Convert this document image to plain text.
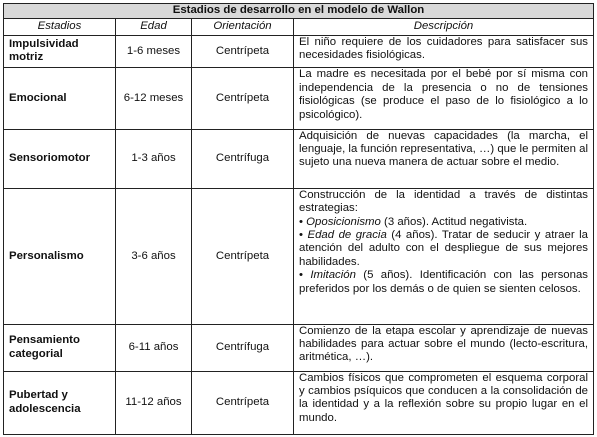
Estadios de desarrollo en el modelo de Wallon			
Estadios	Edad	Orientación	Descripción

Impulsividad motriz	1-6 meses	Centrípeta	El niño requiere de los cuidadores para satisfacer sus necesidades fisiológicas.

Emocional	6-12 meses	Centrípeta	La madre es necesitada por el bebé por sí misma con independencia de la presencia o no de tensiones fisiológicas (se produce el paso de lo fisiológico a lo psicológico).

Sensoriomotor	1-3 años	Centrífuga	Adquisición de nuevas capacidades (la marcha, el lenguaje, la función representativa, …) que le permiten al sujeto una nueva manera de actuar sobre el medio.

Personalismo	3-6 años	Centrípeta	Construcción de la identidad a través de distintas estrategias:
• Oposicionismo (3 años). Actitud negativista.
• Edad de gracia (4 años). Tratar de seducir y atraer la atención del adulto con el despliegue de sus mejores habilidades.
• Imitación (5 años). Identificación con las personas preferidos por los demás o de quien se sienten celosos.

Pensamiento categorial	6-11 años	Centrífuga	Comienzo de la etapa escolar y aprendizaje de nuevas habilidades para actuar sobre el mundo (lecto-escritura, aritmética, …).

Pubertad y adolescencia	11-12 años	Centrípeta	Cambios físicos que comprometen el esquema corporal y cambios psíquicos que conducen a la consolidación de la identidad y a la reflexión sobre su propio lugar en el mundo.
